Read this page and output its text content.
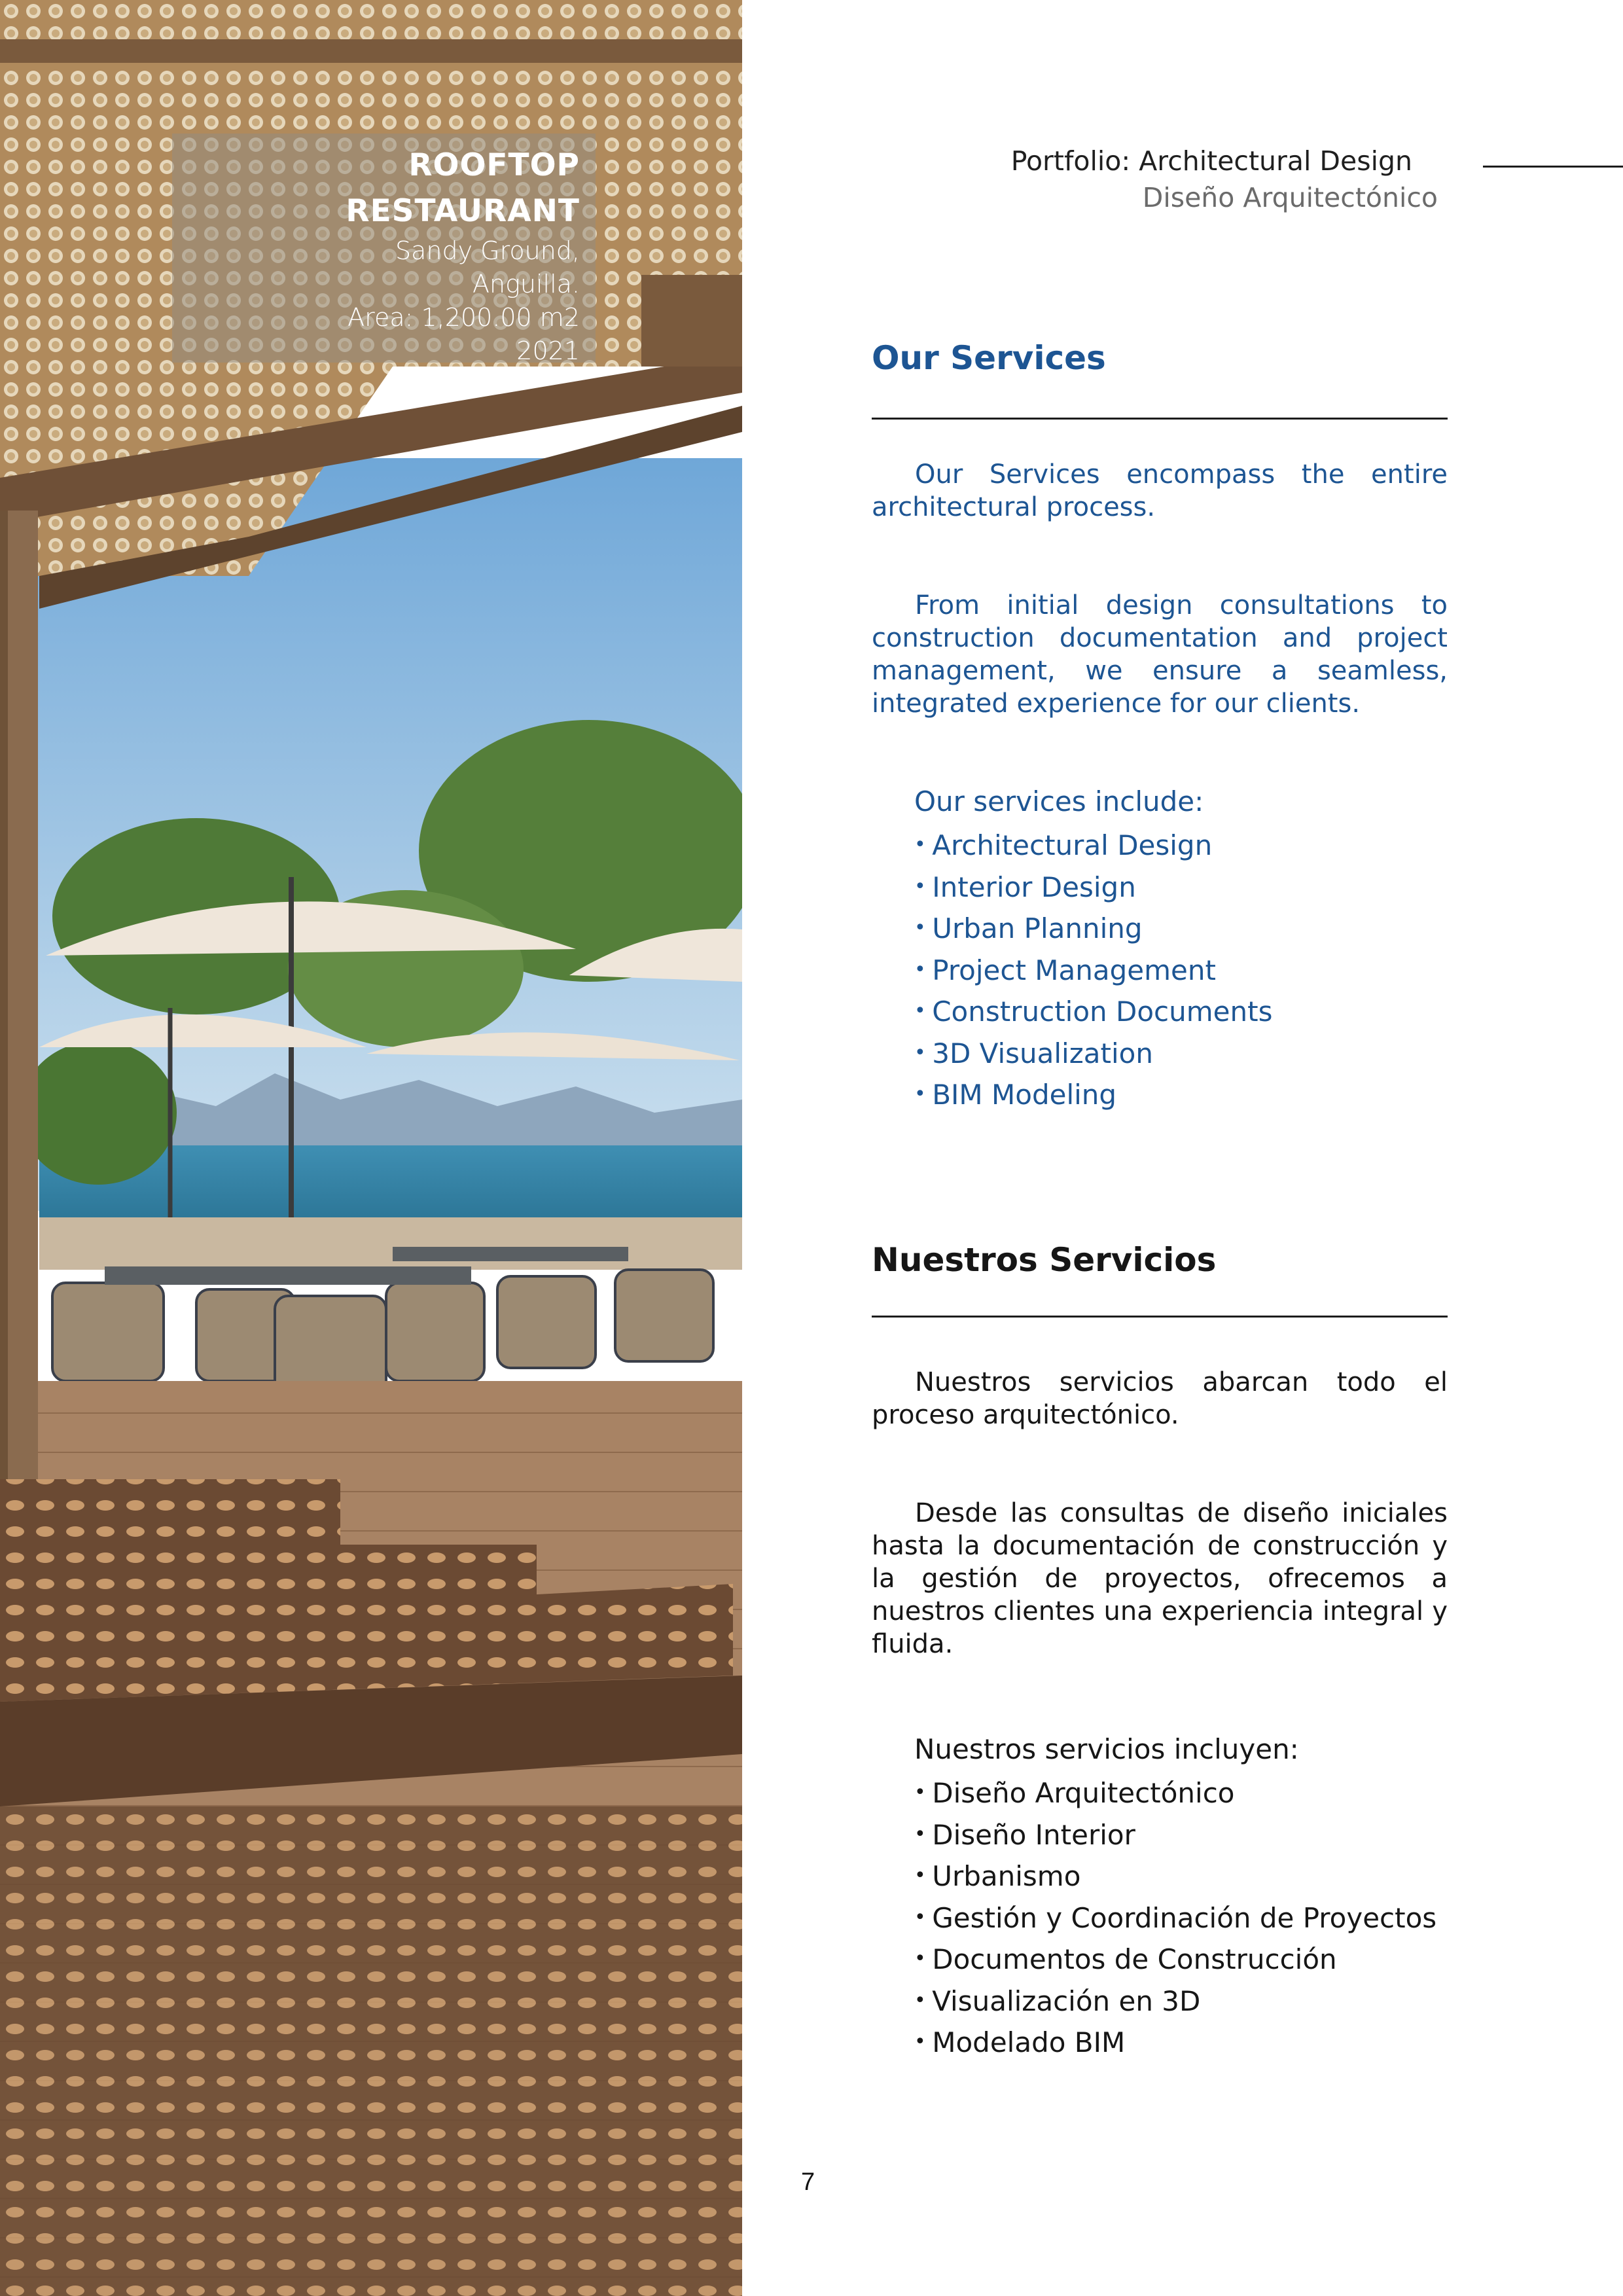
ROOFTOP RESTAURANT
Sandy Ground,
Anguilla.
Area: 1,200.00 m2
2021
Portfolio: Architectural Design
Diseño Arquitectónico
Our Services

Our Services encompass the entire architectural process.

From initial design consultations to construction documentation and project management, we ensure a seamless, integrated experience for our clients.

Our services include:
• Architectural Design
• Interior Design
• Urban Planning
• Project Management
• Construction Documents
• 3D Visualization
• BIM Modeling
Nuestros Servicios

Nuestros servicios abarcan todo el proceso arquitectónico.

Desde las consultas de diseño iniciales hasta la documentación de construcción y la gestión de proyectos, ofrecemos a nuestros clientes una experiencia integral y fluida.

Nuestros servicios incluyen:
• Diseño Arquitectónico
• Diseño Interior
• Urbanismo
• Gestión y Coordinación de Proyectos
• Documentos de Construcción
• Visualización en 3D
• Modelado BIM
7
